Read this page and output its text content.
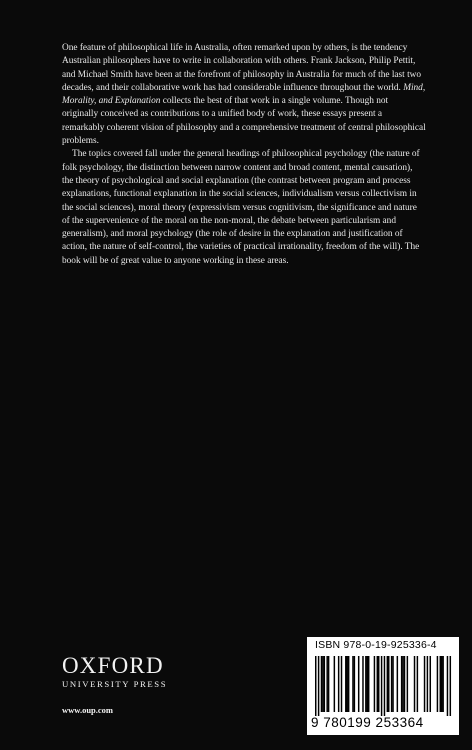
One feature of philosophical life in Australia, often remarked upon by others, is the tendency Australian philosophers have to write in collaboration with others. Frank Jackson, Philip Pettit, and Michael Smith have been at the forefront of philosophy in Australia for much of the last two decades, and their collaborative work has had considerable influence throughout the world. Mind, Morality, and Explanation collects the best of that work in a single volume. Though not originally conceived as contributions to a unified body of work, these essays present a remarkably coherent vision of philosophy and a comprehensive treatment of central philosophical problems.

The topics covered fall under the general headings of philosophical psychology (the nature of folk psychology, the distinction between narrow content and broad content, mental causation), the theory of psychological and social explanation (the contrast between program and process explanations, functional explanation in the social sciences, individualism versus collectivism in the social sciences), moral theory (expressivism versus cognitivism, the significance and nature of the supervenience of the moral on the non-moral, the debate between particularism and generalism), and moral psychology (the role of desire in the explanation and justification of action, the nature of self-control, the varieties of practical irrationality, freedom of the will). The book will be of great value to anyone working in these areas.

OXFORD
UNIVERSITY PRESS
www.oup.com
ISBN 978-0-19-925336-4
9 780199 253364
